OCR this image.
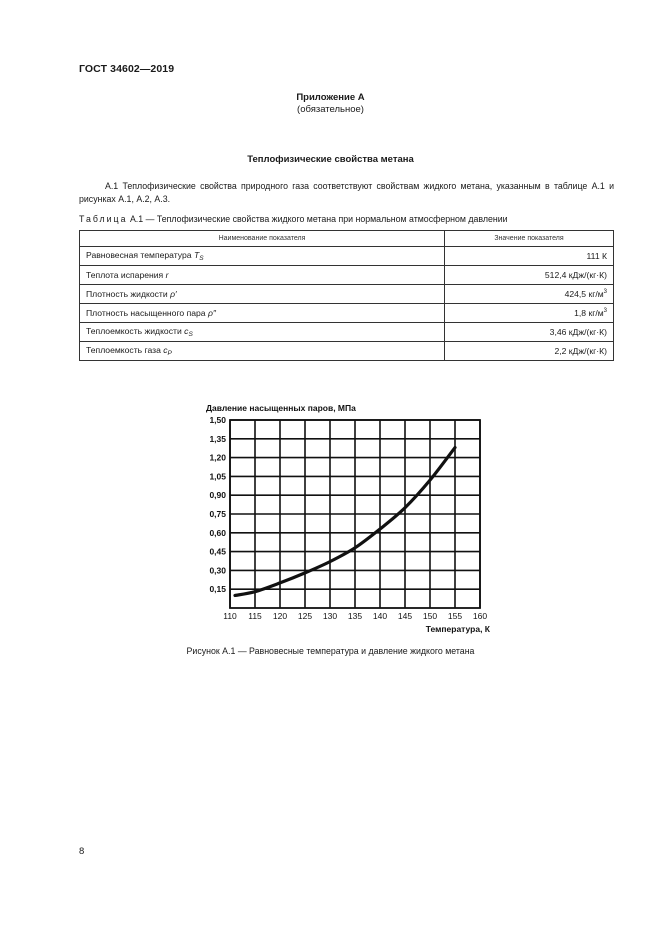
ГОСТ 34602—2019
Приложение А
(обязательное)
Теплофизические свойства метана
А.1 Теплофизические свойства природного газа соответствуют свойствам жидкого метана, указанным в таблице А.1 и рисунках А.1, А.2, А.3.
Таблица А.1 — Теплофизические свойства жидкого метана при нормальном атмосферном давлении
Наименование показателя	Значение показателя
Равновесная температура $T_S$	111 К
Теплота испарения r	512,4 кДж/(кг·К)
Плотность жидкости ρ′	424,5 $кг/м^3$
Плотность насыщенного пара ρ″	1,8 $кг/м^3$
Теплоемкость жидкости $c_S$	3,46 кДж/(кг·К)
Теплоемкость газа $c_P$	2,2 кДж/(кг·К)
110 115 120 125 130 135 140 145 150 155 160
0,15
0,30
0,45
0,60
0,75
0,90
1,05
1,20
1,35
1,50
Давление насыщенных паров, МПа
Температура, К
Рисунок А.1 — Равновесные температура и давление жидкого метана
8
